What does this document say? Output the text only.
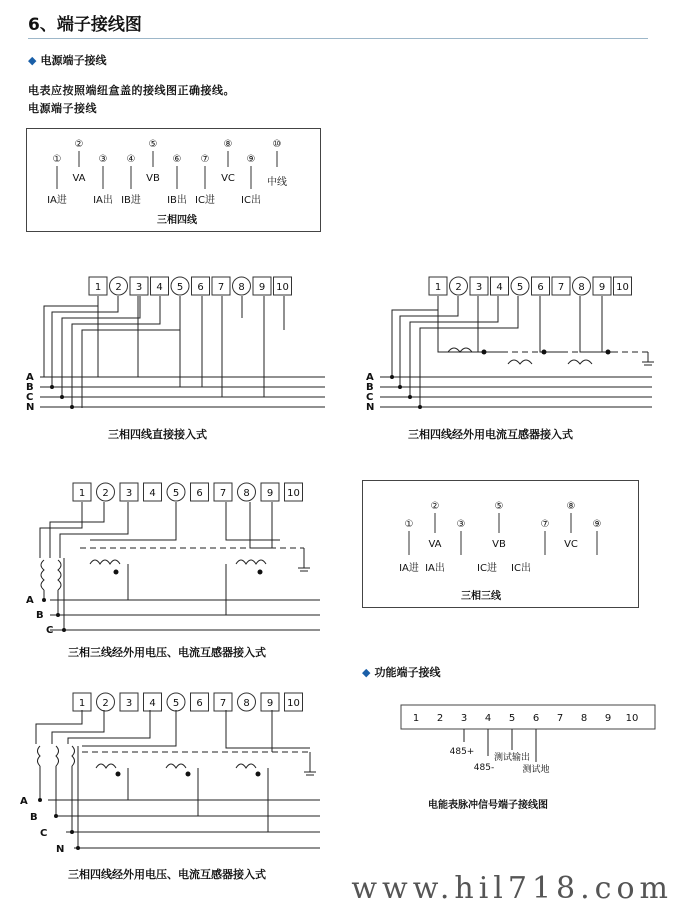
6、端子接线图
◆ 电源端子接线
电表应按照端纽盒盖的接线图正确接线。
电源端子接线
①
IA进
②
VA
③
IA出
④
IB进
⑤
VB
⑥
IB出
⑦
IC进
⑧
VC
⑨
IC出
⑩
中线
三相四线
1 2 3 4 5 6 7 8 9 10
A
B
C
N
三相四线直接接入式
1 2 3 4 5 6 7 8 9 10
A
B
C
N
三相四线经外用电流互感器接入式
1 2 3 4 5 6 7 8 9 10
A
B
C
三相三线经外用电压、电流互感器接入式
①
IA进
②
VA
③
IA出
⑤
VB
⑦
IC进
⑧
VC
⑨
IC出
三相三线
1 2 3 4 5 6 7 8 9 10
A
B
C
N
三相四线经外用电压、电流互感器接入式
◆ 功能端子接线
1 2 3 4 5 6 7 8 9 10
485+
485-
测试输出
测试地
电能表脉冲信号端子接线图
www.hil718.com
